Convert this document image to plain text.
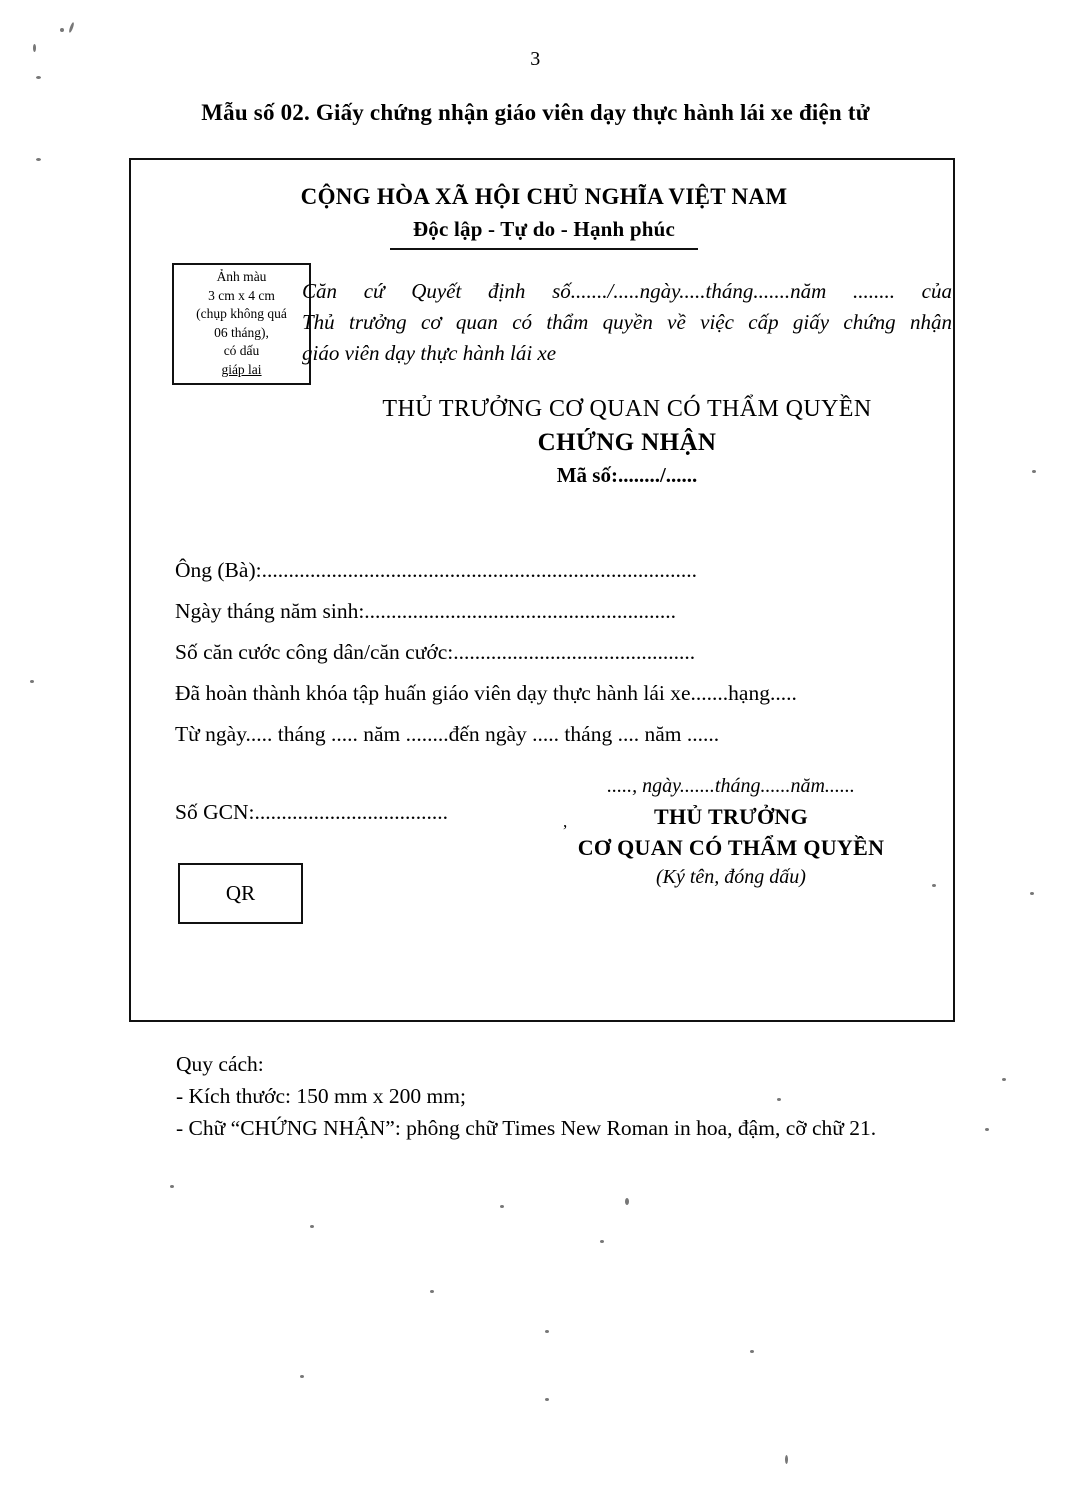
3
Mẫu số 02. Giấy chứng nhận giáo viên dạy thực hành lái xe điện tử
CỘNG HÒA XÃ HỘI CHỦ NGHĨA VIỆT NAM
Độc lập - Tự do - Hạnh phúc
Ảnh màu
3 cm x 4 cm
(chụp không quá
06 tháng),
có dấu
giáp lai
Căn cứ Quyết định số......./.....ngày.....tháng.......năm ........ của
Thủ trưởng cơ quan có thẩm quyền về việc cấp giấy chứng nhận
giáo viên dạy thực hành lái xe
THỦ TRƯỞNG CƠ QUAN CÓ THẨM QUYỀN
CHỨNG NHẬN
Mã số:......../......
Ông (Bà):.................................................................................
Ngày tháng năm sinh:..........................................................
Số căn cước công dân/căn cước:.............................................
Đã hoàn thành khóa tập huấn giáo viên dạy thực hành lái xe.......hạng.....
Từ ngày..... tháng ..... năm ........đến ngày ..... tháng .... năm ......
Số GCN:....................................
QR
....., ngày.......tháng......năm......
THỦ TRƯỞNG
CƠ QUAN CÓ THẨM QUYỀN
(Ký tên, đóng dấu)
,
Quy cách:
- Kích thước: 150 mm x 200 mm;
- Chữ “CHỨNG NHẬN”: phông chữ Times New Roman in hoa, đậm, cỡ chữ 21.
